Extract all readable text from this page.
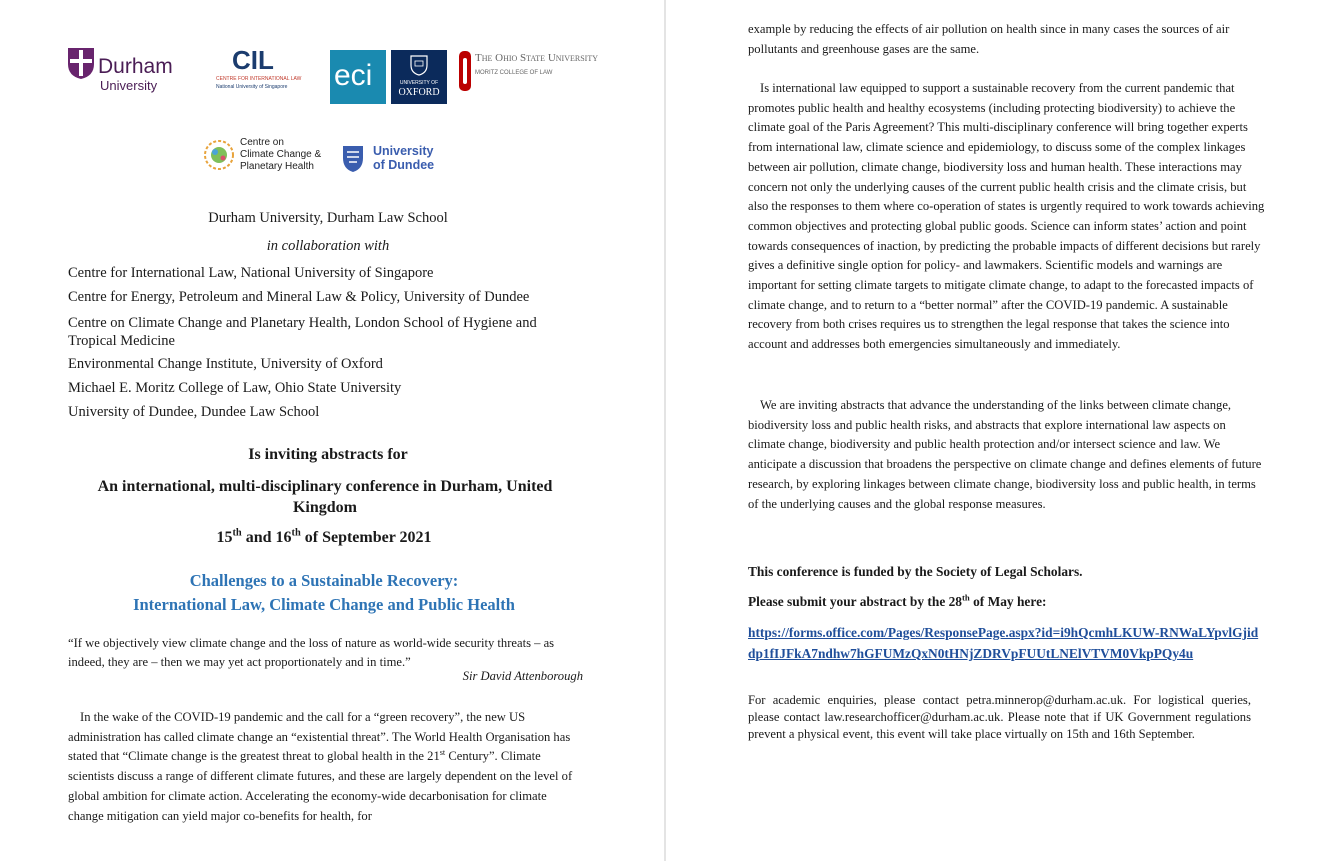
Durham
University
CIL
CENTRE FOR INTERNATIONAL LAW
National University of Singapore eci	UNIVERSITY OF
OXFORD
The Ohio State University
MORITZ COLLEGE OF LAW
Centre on
Climate Change &
Planetary Health
University
of Dundee
Durham University, Durham Law School
in collaboration with
Centre for International Law, National University of Singapore
Centre for Energy, Petroleum and Mineral Law & Policy, University of Dundee
Centre on Climate Change and Planetary Health, London School of Hygiene and Tropical Medicine
Environmental Change Institute, University of Oxford
Michael E. Moritz College of Law, Ohio State University
University of Dundee, Dundee Law School
Is inviting abstracts for
An international, multi-disciplinary conference in Durham, United Kingdom
15th and 16th of September 2021
Challenges to a Sustainable Recovery:
International Law, Climate Change and Public Health
“If we objectively view climate change and the loss of nature as world-wide security threats – as indeed, they are – then we may yet act proportionately and in time.”
Sir David Attenborough
In the wake of the COVID-19 pandemic and the call for a “green recovery”, the new US administration has called climate change an “existential threat”. The World Health Organisation has stated that “Climate change is the greatest threat to global health in the 21st Century”. Climate scientists discuss a range of different climate futures, and these are largely dependent on the level of global ambition for climate action. Accelerating the economy-wide decarbonisation for climate change mitigation can yield major co-benefits for health, for
example by reducing the effects of air pollution on health since in many cases the sources of air pollutants and greenhouse gases are the same.
Is international law equipped to support a sustainable recovery from the current pandemic that promotes public health and healthy ecosystems (including protecting biodiversity) to achieve the climate goal of the Paris Agreement? This multi-disciplinary conference will bring together experts from international law, climate science and epidemiology, to discuss some of the complex linkages between air pollution, climate change, biodiversity loss and human health. These interactions may concern not only the underlying causes of the current public health crisis and the climate crisis, but also the responses to them where co-operation of states is urgently required to work towards achieving common objectives and protecting global public goods. Science can inform states’ action and point towards consequences of inaction, by predicting the probable impacts of different decisions but rarely gives a definitive single option for policy- and lawmakers. Scientific models and warnings are important for setting climate targets to mitigate climate change, to adapt to the forecasted impacts of climate change, and to return to a “better normal” after the COVID-19 pandemic. A sustainable recovery from both crises requires us to strengthen the legal response that takes the science into account and addresses both emergencies simultaneously and immediately.
We are inviting abstracts that advance the understanding of the links between climate change, biodiversity loss and public health risks, and abstracts that explore international law aspects on climate change, biodiversity and public health protection and/or intersect science and law. We anticipate a discussion that broadens the perspective on climate change and defines elements of future research, by exploring linkages between climate change, biodiversity loss and public health, in terms of the underlying causes and the global response measures.
This conference is funded by the Society of Legal Scholars.
Please submit your abstract by the 28th of May here:
https://forms.office.com/Pages/ResponsePage.aspx?id=i9hQcmhLKUW-RNWaLYpvlGjiddp1fIJFkA7ndhw7hGFUMzQxN0tHNjZDRVpFUUtLNElVTVM0VkpPQy4u
For academic enquiries, please contact petra.minnerop@durham.ac.uk. For logistical queries, please contact law.researchofficer@durham.ac.uk. Please note that if UK Government regulations prevent a physical event, this event will take place virtually on 15th and 16th September.
